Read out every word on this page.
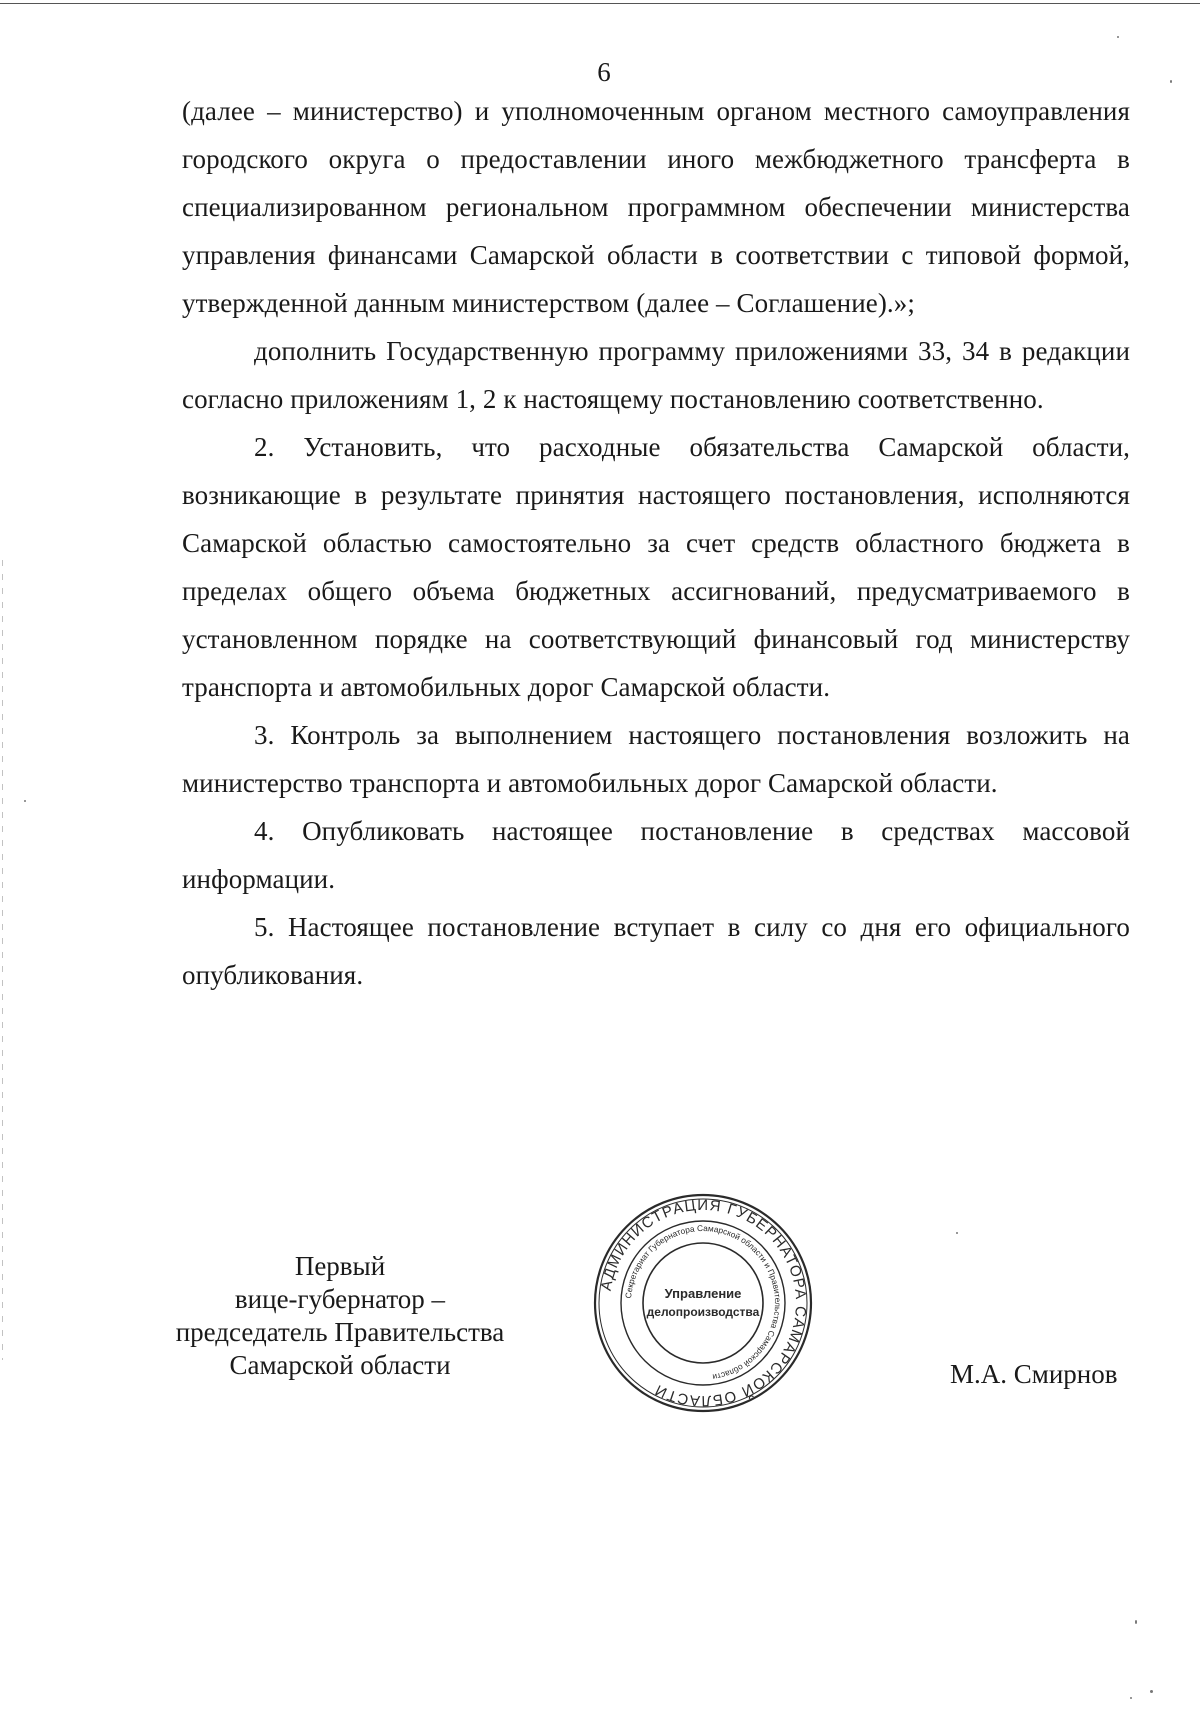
6

(далее – министерство) и уполномоченным органом местного самоуправления городского округа о предоставлении иного межбюджетного трансферта в специализированном региональном программном обеспечении министерства управления финансами Самарской области в соответствии с типовой формой, утвержденной данным министерством (далее – Соглашение).»;

дополнить Государственную программу приложениями 33, 34 в редакции согласно приложениям 1, 2 к настоящему постановлению соответственно.

2. Установить, что расходные обязательства Самарской области, возникающие в результате принятия настоящего постановления, исполняются Самарской областью самостоятельно за счет средств областного бюджета в пределах общего объема бюджетных ассигнований, предусматриваемого в установленном порядке на соответствующий финансовый год министерству транспорта и автомобильных дорог Самарской области.

3. Контроль за выполнением настоящего постановления возложить на министерство транспорта и автомобильных дорог Самарской области.

4. Опубликовать настоящее постановление в средствах массовой информации.

5. Настоящее постановление вступает в силу со дня его официального опубликования.

Первый
вице-губернатор –
председатель Правительства
Самарской области
АДМИНИСТРАЦИЯ ГУБЕРНАТОРА САМАРСКОЙ ОБЛАСТИ
Секретариат Губернатора Самарской области и Правительства Самарской области
Управление
делопроизводства
М.А. Смирнов
